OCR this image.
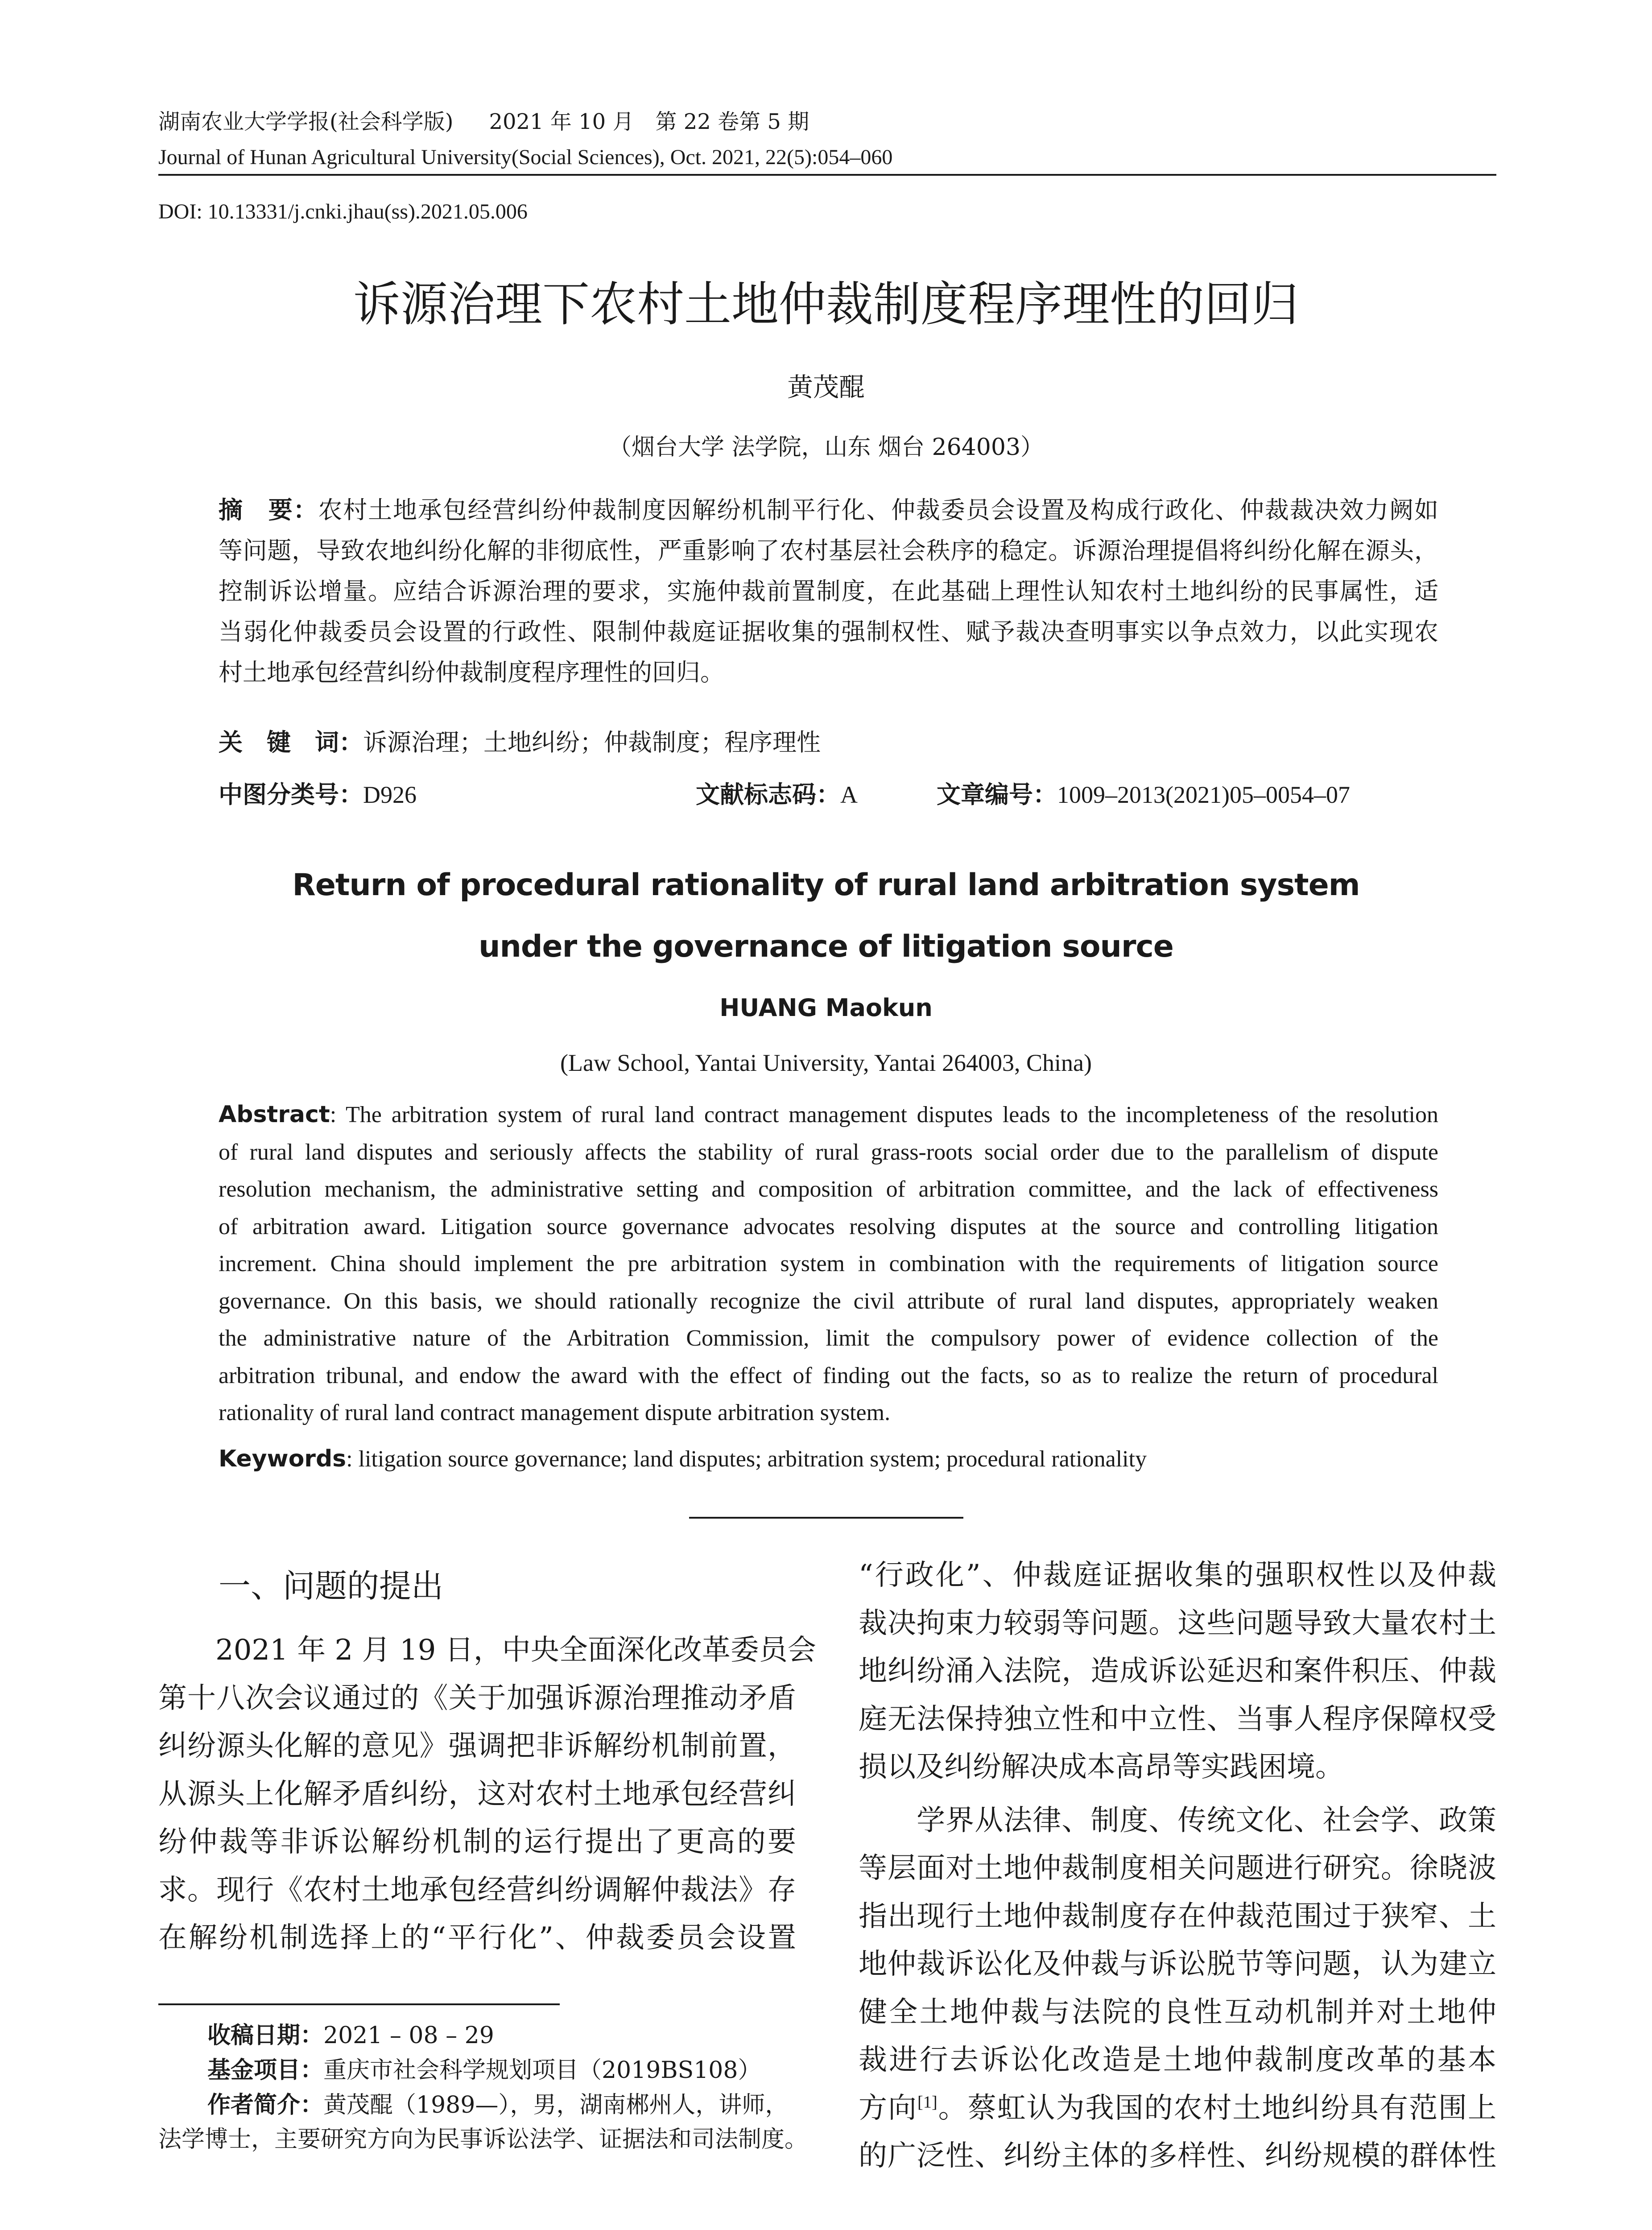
湖南农业大学学报(社会科学版) 2021 年 10 月　第 22 卷第 5 期
Journal of Hunan Agricultural University(Social Sciences), Oct. 2021, 22(5):054–060
DOI: 10.13331/j.cnki.jhau(ss).2021.05.006
诉源治理下农村土地仲裁制度程序理性的回归
黄茂醌
（烟台大学 法学院，山东 烟台 264003）
摘　要：农村土地承包经营纠纷仲裁制度因解纷机制平行化、仲裁委员会设置及构成行政化、仲裁裁决效力阙如
等问题，导致农地纠纷化解的非彻底性，严重影响了农村基层社会秩序的稳定。诉源治理提倡将纠纷化解在源头，
控制诉讼增量。应结合诉源治理的要求，实施仲裁前置制度，在此基础上理性认知农村土地纠纷的民事属性，适
当弱化仲裁委员会设置的行政性、限制仲裁庭证据收集的强制权性、赋予裁决查明事实以争点效力，以此实现农
村土地承包经营纠纷仲裁制度程序理性的回归。
关　键　词：诉源治理；土地纠纷；仲裁制度；程序理性
中图分类号：D926	文献标志码：A	文章编号：1009–2013(2021)05–0054–07
Return of procedural rationality of rural land arbitration system
under the governance of litigation source
HUANG Maokun
(Law School, Yantai University, Yantai 264003, China)
Abstract: The arbitration system of rural land contract management disputes leads to the incompleteness of the resolution
of rural land disputes and seriously affects the stability of rural grass-roots social order due to the parallelism of dispute
resolution mechanism, the administrative setting and composition of arbitration committee, and the lack of effectiveness
of arbitration award. Litigation source governance advocates resolving disputes at the source and controlling litigation
increment. China should implement the pre arbitration system in combination with the requirements of litigation source
governance. On this basis, we should rationally recognize the civil attribute of rural land disputes, appropriately weaken
the administrative nature of the Arbitration Commission, limit the compulsory power of evidence collection of the
arbitration tribunal, and endow the award with the effect of finding out the facts, so as to realize the return of procedural
rationality of rural land contract management dispute arbitration system.
Keywords: litigation source governance; land disputes; arbitration system; procedural rationality
一、问题的提出
　　2021 年 2 月 19 日，中央全面深化改革委员会
第十八次会议通过的《关于加强诉源治理推动矛盾
纠纷源头化解的意见》强调把非诉解纷机制前置，
从源头上化解矛盾纠纷，这对农村土地承包经营纠
纷仲裁等非诉讼解纷机制的运行提出了更高的要
求。现行《农村土地承包经营纠纷调解仲裁法》存
在解纷机制选择上的“平行化”、仲裁委员会设置
收稿日期：2021 – 08 – 29
基金项目：重庆市社会科学规划项目（2019BS108）
作者简介：黄茂醌（1989—），男，湖南郴州人，讲师，
法学博士，主要研究方向为民事诉讼法学、证据法和司法制度。
“行政化”、仲裁庭证据收集的强职权性以及仲裁
裁决拘束力较弱等问题。这些问题导致大量农村土
地纠纷涌入法院，造成诉讼延迟和案件积压、仲裁
庭无法保持独立性和中立性、当事人程序保障权受
损以及纠纷解决成本高昂等实践困境。
　　学界从法律、制度、传统文化、社会学、政策
等层面对土地仲裁制度相关问题进行研究。徐晓波
指出现行土地仲裁制度存在仲裁范围过于狭窄、土
地仲裁诉讼化及仲裁与诉讼脱节等问题，认为建立
健全土地仲裁与法院的良性互动机制并对土地仲
裁进行去诉讼化改造是土地仲裁制度改革的基本
方向[1]。蔡虹认为我国的农村土地纠纷具有范围上
的广泛性、纠纷主体的多样性、纠纷规模的群体性
